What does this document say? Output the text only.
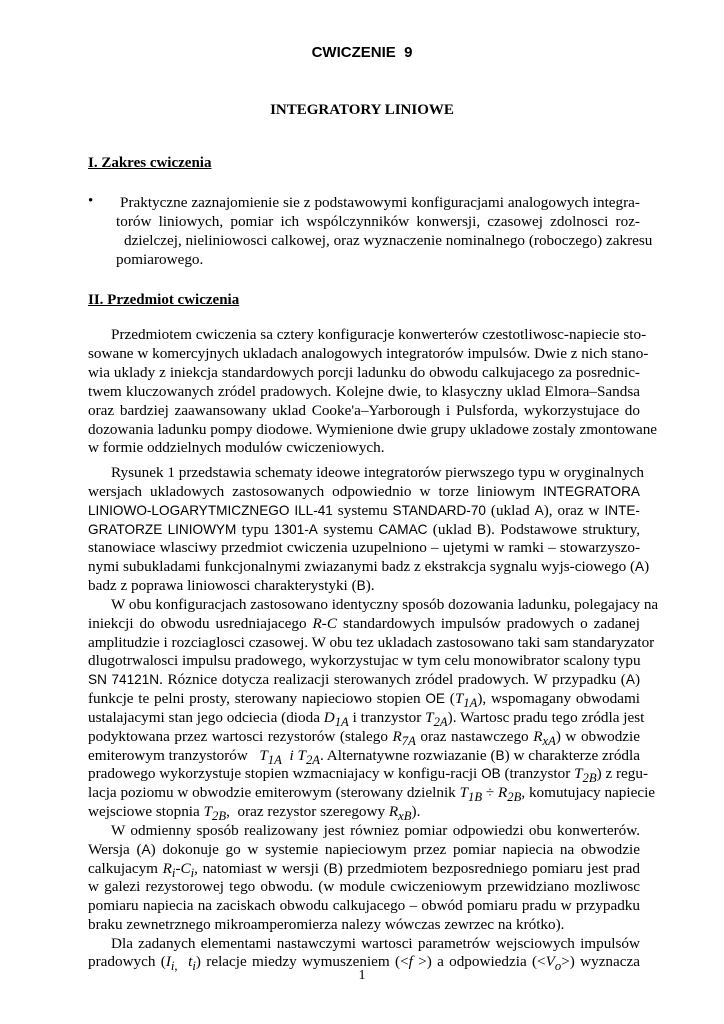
CWICZENIE  9
INTEGRATORY LINIOWE
I. Zakres cwiczenia
• Praktyczne zaznajomienie sie z podstawowymi konfiguracjami analogowych integra-
torów liniowych, pomiar ich wspólczynników konwersji, czasowej zdolnosci roz-
dzielczej, nieliniowosci calkowej, oraz wyznaczenie nominalnego (roboczego) zakresu
pomiarowego.
II. Przedmiot cwiczenia
Przedmiotem cwiczenia sa cztery konfiguracje konwerterów czestotliwosc-napiecie sto-
sowane w komercyjnych ukladach analogowych integratorów impulsów. Dwie z nich stano-
wia uklady z iniekcja standardowych porcji ladunku do obwodu calkujacego za posrednic-
twem kluczowanych zródel pradowych. Kolejne dwie, to klasyczny uklad Elmora–Sandsa
oraz bardziej zaawansowany uklad Cooke'a–Yarborough i Pulsforda, wykorzystujace do
dozowania ladunku pompy diodowe. Wymienione dwie grupy ukladowe zostaly zmontowane
w formie oddzielnych modulów cwiczeniowych.
Rysunek 1 przedstawia schematy ideowe integratorów pierwszego typu w oryginalnych
wersjach ukladowych zastosowanych odpowiednio w torze liniowym INTEGRATORA
LINIOWO-LOGARYTMICZNEGO ILL-41 systemu STANDARD-70 (uklad A), oraz w INTE-
GRATORZE LINIOWYM typu 1301-A systemu CAMAC (uklad B). Podstawowe struktury,
stanowiace wlasciwy przedmiot cwiczenia uzupelniono – ujetymi w ramki – stowarzyszo-
nymi subukladami funkcjonalnymi zwiazanymi badz z ekstrakcja sygnalu wyjs-ciowego (A)
badz z poprawa liniowosci charakterystyki (B).
W obu konfiguracjach zastosowano identyczny sposób dozowania ladunku, polegajacy na
iniekcji do obwodu usredniajacego R-C standardowych impulsów pradowych o zadanej
amplitudzie i rozciaglosci czasowej. W obu tez ukladach zastosowano taki sam standaryzator
dlugotrwalosci impulsu pradowego, wykorzystujac w tym celu monowibrator scalony typu
SN 74121N. Róznice dotycza realizacji sterowanych zródel pradowych. W przypadku (A)
funkcje te pelni prosty, sterowany napieciowo stopien OE $(T_{1A})$, wspomagany obwodami
ustalajacymi stan jego odciecia (dioda $D_{1A}$ i tranzystor $T_{2A}$). Wartosc pradu tego zródla jest
podyktowana przez wartosci rezystorów (stalego $R_{7A}$ oraz nastawczego $R_{xA}$) w obwodzie
emiterowym tranzystorów   $T_{1A}$  i $T_{2A}$. Alternatywne rozwiazanie (B) w charakterze zródla
pradowego wykorzystuje stopien wzmacniajacy w konfigu-racji OB (tranzystor $T_{2B}$) z regu-
lacja poziomu w obwodzie emiterowym (sterowany dzielnik $T_{1B} \div R_{2B}$, komutujacy napiecie
wejsciowe stopnia $T_{2B}$,  oraz rezystor szeregowy $R_{xB}$).
W odmienny sposób realizowany jest równiez pomiar odpowiedzi obu konwerterów.
Wersja (A) dokonuje go w systemie napieciowym przez pomiar napiecia na obwodzie
calkujacym $R_i-C_i$, natomiast w wersji (B) przedmiotem bezposredniego pomiaru jest prad
w galezi rezystorowej tego obwodu. (w module cwiczeniowym przewidziano mozliwosc
pomiaru napiecia na zaciskach obwodu calkujacego – obwód pomiaru pradu w przypadku
braku zewnetrznego mikroamperomierza nalezy wówczas zewrzec na krótko).
Dla zadanych elementami nastawczymi wartosci parametrów wejsciowych impulsów
pradowych ($I_{i,}$ $t_i$) relacje miedzy wymuszeniem (<f >) a odpowiedzia $(<V_o>)$ wyznacza
1
